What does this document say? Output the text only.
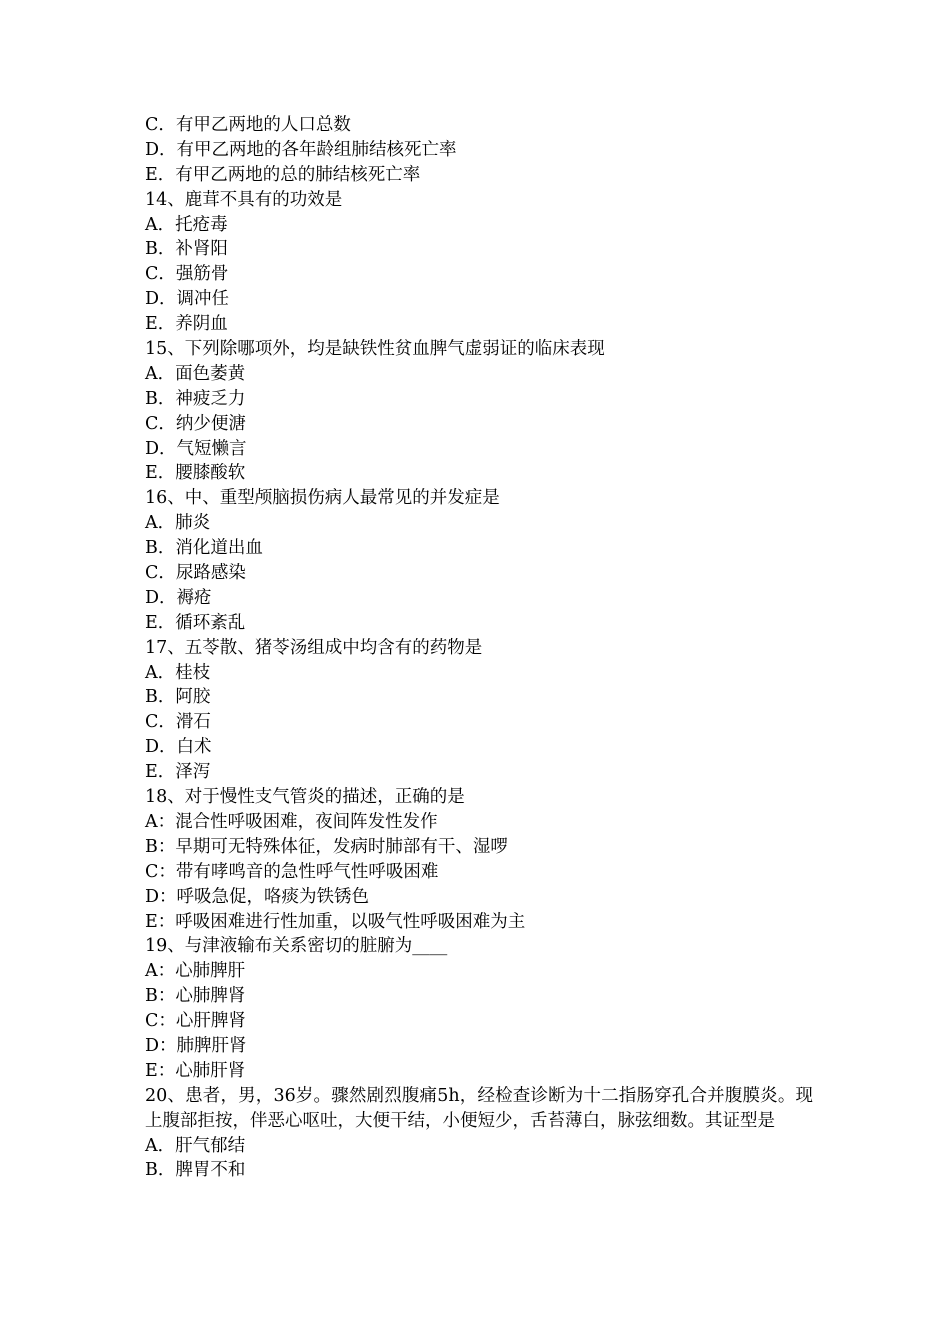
C．有甲乙两地的人口总数
D．有甲乙两地的各年龄组肺结核死亡率
E．有甲乙两地的总的肺结核死亡率
14、鹿茸不具有的功效是
A．托疮毒
B．补肾阳
C．强筋骨
D．调冲任
E．养阴血
15、下列除哪项外，均是缺铁性贫血脾气虚弱证的临床表现
A．面色萎黄
B．神疲乏力
C．纳少便溏
D．气短懒言
E．腰膝酸软
16、中、重型颅脑损伤病人最常见的并发症是
A．肺炎
B．消化道出血
C．尿路感染
D．褥疮
E．循环紊乱
17、五苓散、猪苓汤组成中均含有的药物是
A．桂枝
B．阿胶
C．滑石
D．白术
E．泽泻
18、对于慢性支气管炎的描述，正确的是
A：混合性呼吸困难，夜间阵发性发作
B：早期可无特殊体征，发病时肺部有干、湿啰
C：带有哮鸣音的急性呼气性呼吸困难
D：呼吸急促，咯痰为铁锈色
E：呼吸困难进行性加重，以吸气性呼吸困难为主
19、与津液输布关系密切的脏腑为____
A：心肺脾肝
B：心肺脾肾
C：心肝脾肾
D：肺脾肝肾
E：心肺肝肾
20、患者，男，36岁。骤然剧烈腹痛5h，经检查诊断为十二指肠穿孔合并腹膜炎。现上腹部拒按，伴恶心呕吐，大便干结，小便短少，舌苔薄白，脉弦细数。其证型是
A．肝气郁结
B．脾胃不和
